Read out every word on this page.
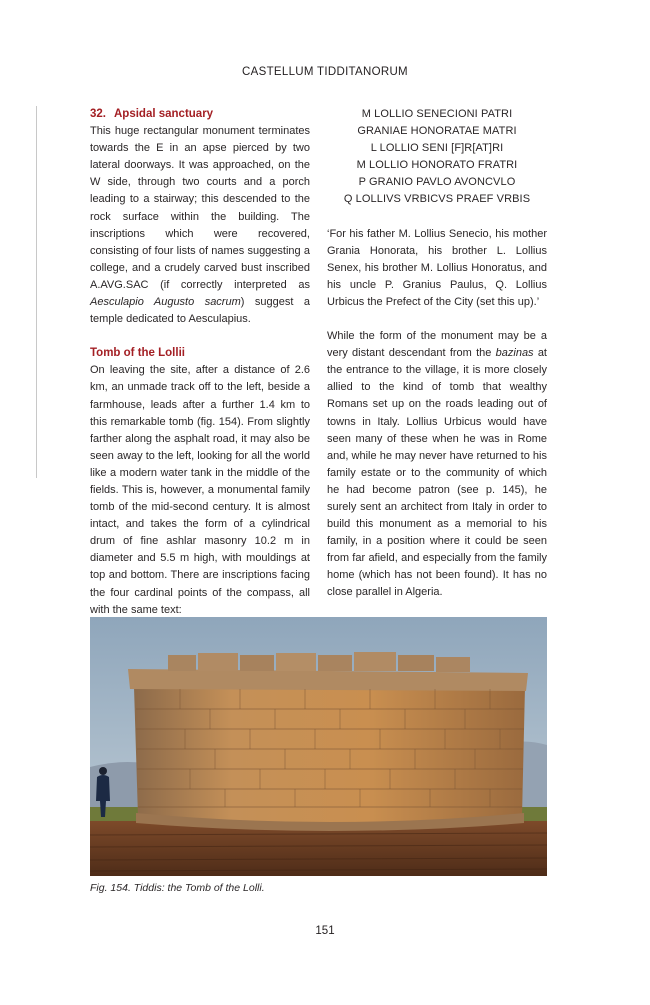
CASTELLUM TIDDITANORUM
32. Apsidal sanctuary

This huge rectangular monument terminates towards the E in an apse pierced by two lateral doorways. It was approached, on the W side, through two courts and a porch leading to a stairway; this descended to the rock surface within the building. The inscriptions which were recovered, consisting of four lists of names suggesting a college, and a crudely carved bust inscribed A.AVG.SAC (if correctly interpreted as Aesculapio Augusto sacrum) suggest a temple dedicated to Aesculapius.

Tomb of the Lollii

On leaving the site, after a distance of 2.6 km, an unmade track off to the left, beside a farmhouse, leads after a further 1.4 km to this remarkable tomb (fig. 154). From slightly farther along the asphalt road, it may also be seen away to the left, looking for all the world like a modern water tank in the middle of the fields. This is, however, a monumental family tomb of the mid-second century. It is almost intact, and takes the form of a cylindrical drum of fine ashlar masonry 10.2 m in diameter and 5.5 m high, with mouldings at top and bottom. There are inscriptions facing the four cardinal points of the compass, all with the same text:

M LOLLIO SENECIONI PATRI
GRANIAE HONORATAE MATRI
L LOLLIO SENI [F]R[AT]RI
M LOLLIO HONORATO FRATRI
P GRANIO PAVLO AVONCVLO
Q LOLLIVS VRBICVS PRAEF VRBIS

‘For his father M. Lollius Senecio, his mother Grania Honorata, his brother L. Lollius Senex, his brother M. Lollius Honoratus, and his uncle P. Granius Paulus, Q. Lollius Urbicus the Prefect of the City (set this up).’

While the form of the monument may be a very distant descendant from the bazinas at the entrance to the village, it is more closely allied to the kind of tomb that wealthy Romans set up on the roads leading out of towns in Italy. Lollius Urbicus would have seen many of these when he was in Rome and, while he may never have returned to his family estate or to the community of which he had become patron (see p. 145), he surely sent an architect from Italy in order to build this monument as a memorial to his family, in a position where it could be seen from far afield, and especially from the family home (which has not been found). It has no close parallel in Algeria.

Fig. 154. Tiddis: the Tomb of the Lolli.
151
